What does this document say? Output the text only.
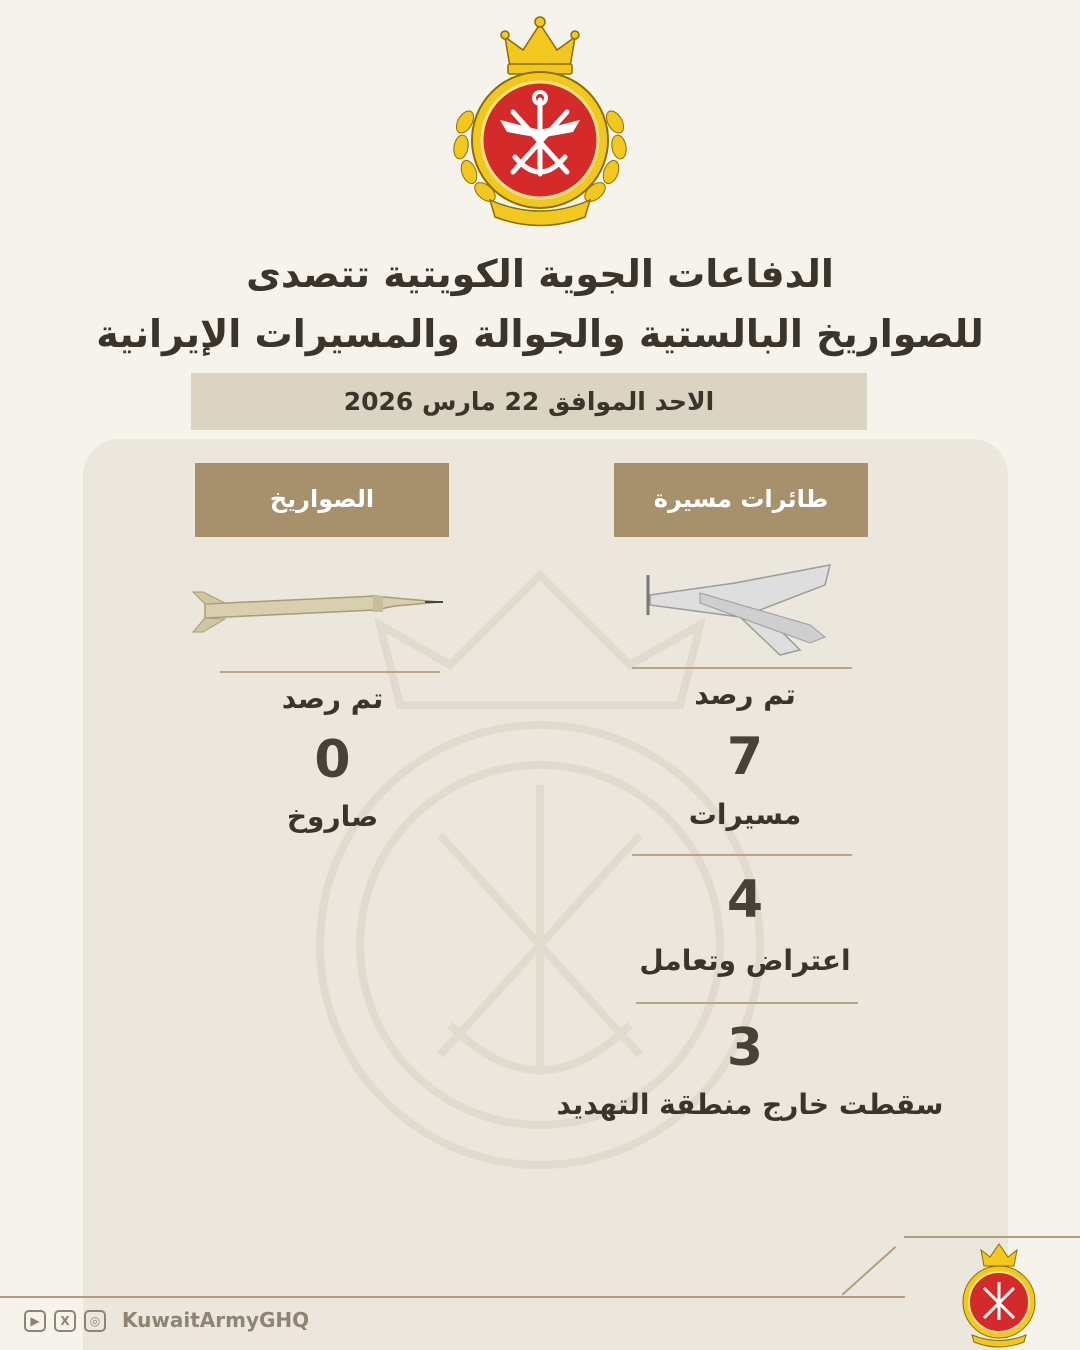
الدفاعات الجوية الكويتية تتصدى
للصواريخ البالستية والجوالة والمسيرات الإيرانية
الاحد الموافق 22 مارس 2026
طائرات مسيرة
الصواريخ
تم رصد
0
صاروخ
تم رصد
7
مسيرات
4
اعتراض وتعامل
3
سقطت خارج منطقة التهديد
▶	X	◎ KuwaitArmyGHQ
